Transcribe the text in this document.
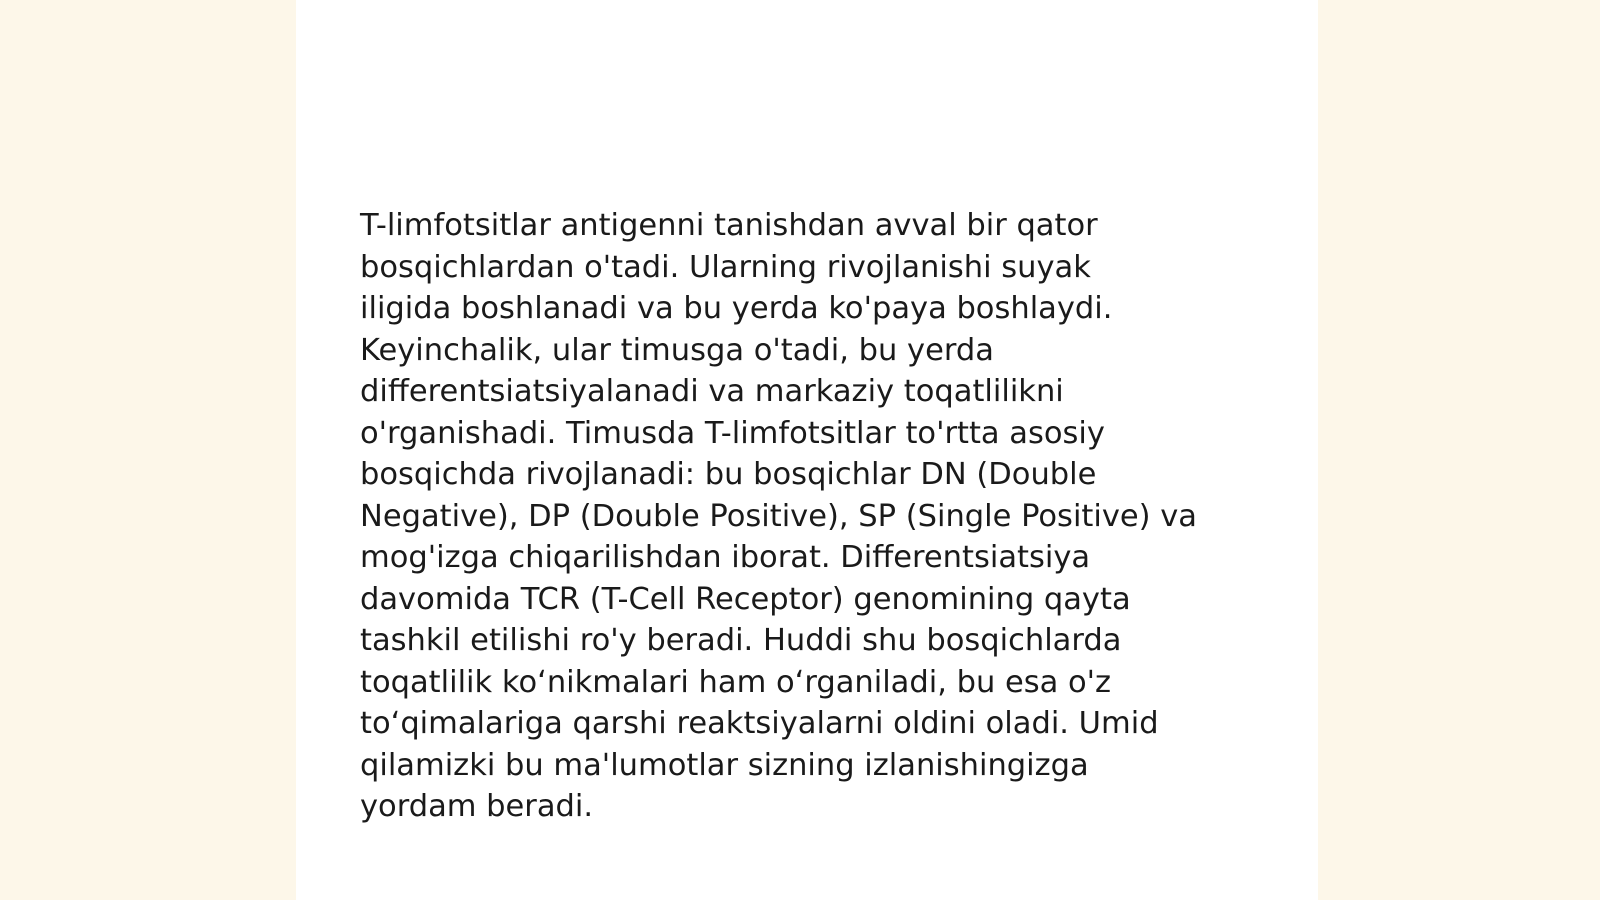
T-limfotsitlar antigenni tanishdan avval bir qator
bosqichlardan o'tadi. Ularning rivojlanishi suyak
iligida boshlanadi va bu yerda ko'paya boshlaydi.
Keyinchalik, ular timusga o'tadi, bu yerda
differentsiatsiyalanadi va markaziy toqatlilikni
o'rganishadi. Timusda T-limfotsitlar to'rtta asosiy
bosqichda rivojlanadi: bu bosqichlar DN (Double
Negative), DP (Double Positive), SP (Single Positive) va
mog'izga chiqarilishdan iborat. Differentsiatsiya
davomida TCR (T-Cell Receptor) genomining qayta
tashkil etilishi ro'y beradi. Huddi shu bosqichlarda
toqatlilik ko‘nikmalari ham o‘rganiladi, bu esa o'z
to‘qimalariga qarshi reaktsiyalarni oldini oladi. Umid
qilamizki bu ma'lumotlar sizning izlanishingizga
yordam beradi.
